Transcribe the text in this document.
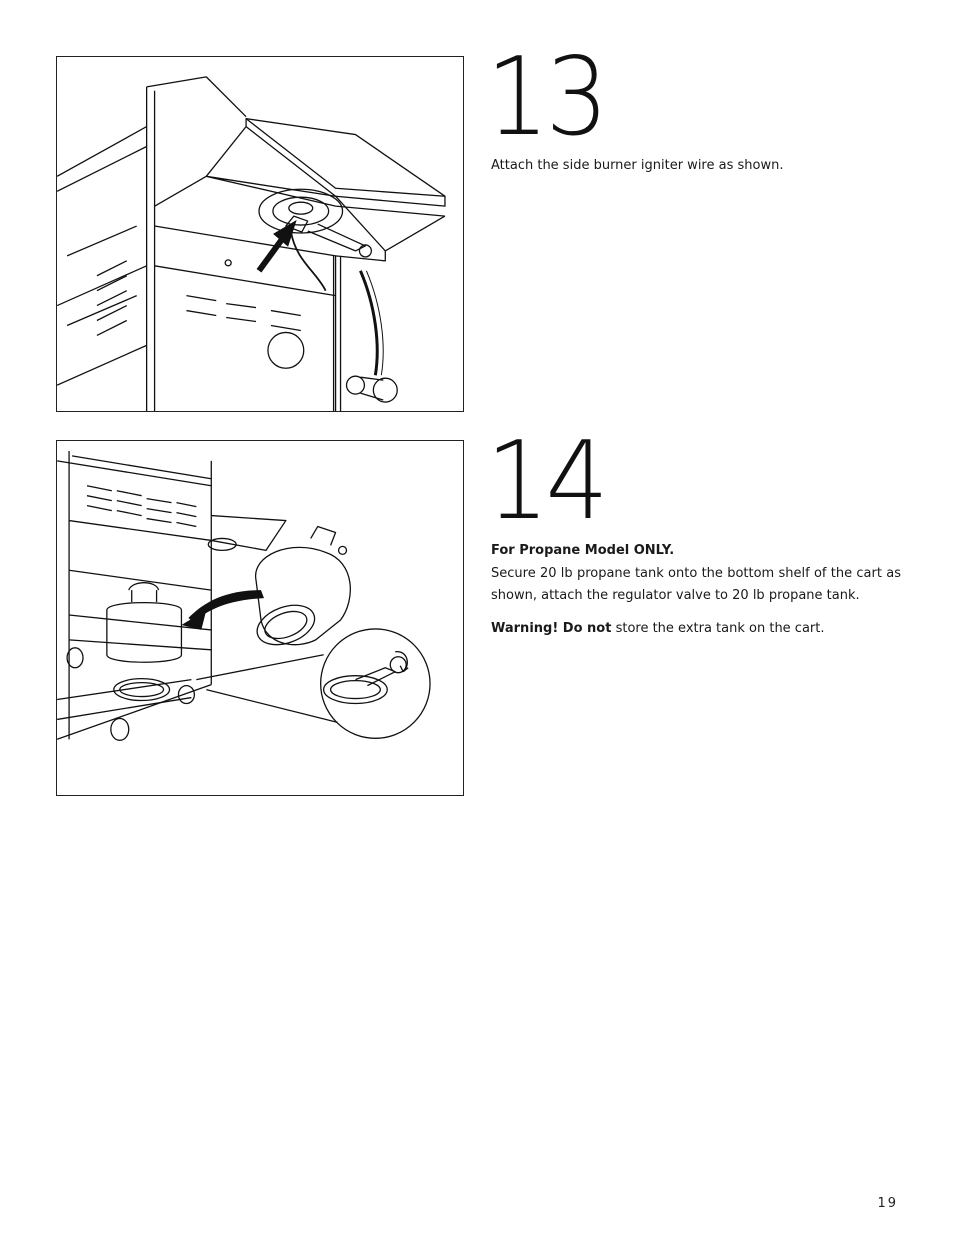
13
Attach the side burner igniter wire as shown.
14
For Propane Model ONLY.
Secure 20 lb propane tank onto the bottom shelf of the cart as shown, attach the regulator valve to 20 lb propane tank.
Warning! Do not store the extra tank on the cart.
19
